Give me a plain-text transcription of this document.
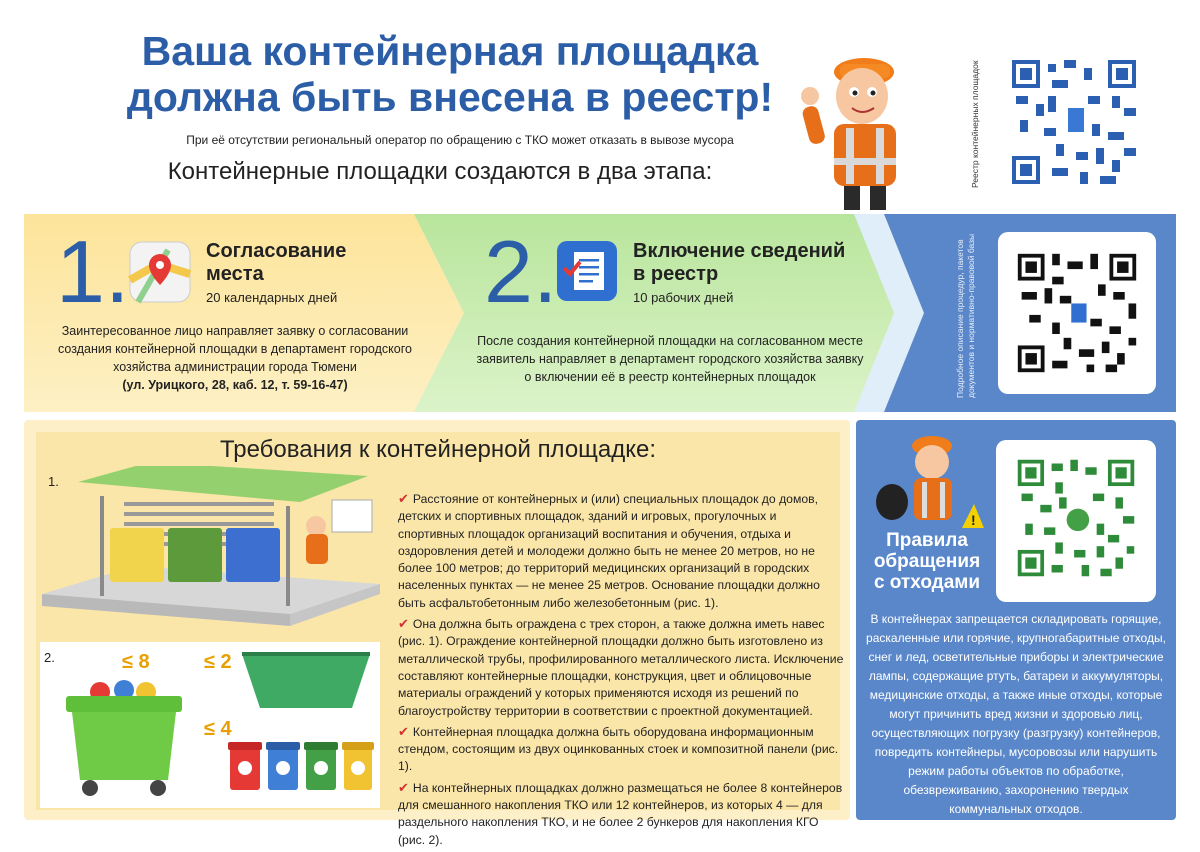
Ваша контейнерная площадка
должна быть внесена в реестр!
При её отсутствии региональный оператор по обращению с ТКО может отказать в вывозе мусора
Контейнерные площадки создаются в два этапа:	Реестр контейнерных площадок
1.	Согласование
места
20 календарных дней
Заинтересованное лицо направляет заявку о согласовании
создания контейнерной площадки в департамент городского
хозяйства администрации города Тюмени
(ул. Урицкого, 28, каб. 12, т. 59-16-47)
2.	Включение сведений
в реестр
10 рабочих дней
После создания контейнерной площадки на согласованном месте
заявитель направляет в департамент городского хозяйства заявку
о включении её в реестр контейнерных площадок	Подробное описание процедур, пакетов документов и нормативно-правовой базы
Требования к контейнерной площадке:
1.
2.	≤ 8	≤ 2
≤ 4

✔ Расстояние от контейнерных и (или) специальных площадок до домов, детских и спортивных площадок, зданий и игровых, прогулочных и спортивных площадок организаций воспитания и обучения, отдыха и оздоровления детей и молодежи должно быть не менее 20 метров, но не более 100 метров; до территорий медицинских организаций в городских населенных пунктах — не менее 25 метров. Основание площадки должно быть асфальтобетонным либо железобетонным (рис. 1).

✔ Она должна быть ограждена с трех сторон, а также должна иметь навес (рис. 1). Ограждение контейнерной площадки должно быть изготовлено из металлической трубы, профилированного металлического листа. Исключение составляют контейнерные площадки, конструкция, цвет и облицовочные материалы ограждений у которых применяются исходя из решений по благоустройству территории в соответствии с проектной документацией.

✔ Контейнерная площадка должна быть оборудована информационным стендом, состоящим из двух оцинкованных стоек и композитной панели (рис. 1).

✔ На контейнерных площадках должно размещаться не более 8 контейнеров для смешанного накопления ТКО или 12 контейнеров, из которых 4 — для раздельного накопления ТКО, и не более 2 бункеров для накопления КГО (рис. 2).

!
Правила
обращения
с отходами
В контейнерах запрещается складировать горящие, раскаленные или горячие, крупногабаритные отходы, снег и лед, осветительные приборы и электрические лампы, содержащие ртуть, батареи и аккумуляторы, медицинские отходы, а также иные отходы, которые могут причинить вред жизни и здоровью лиц, осуществляющих погрузку (разгрузку) контейнеров, повредить контейнеры, мусоровозы или нарушить режим работы объектов по обработке, обезвреживанию, захоронению твердых коммунальных отходов.
